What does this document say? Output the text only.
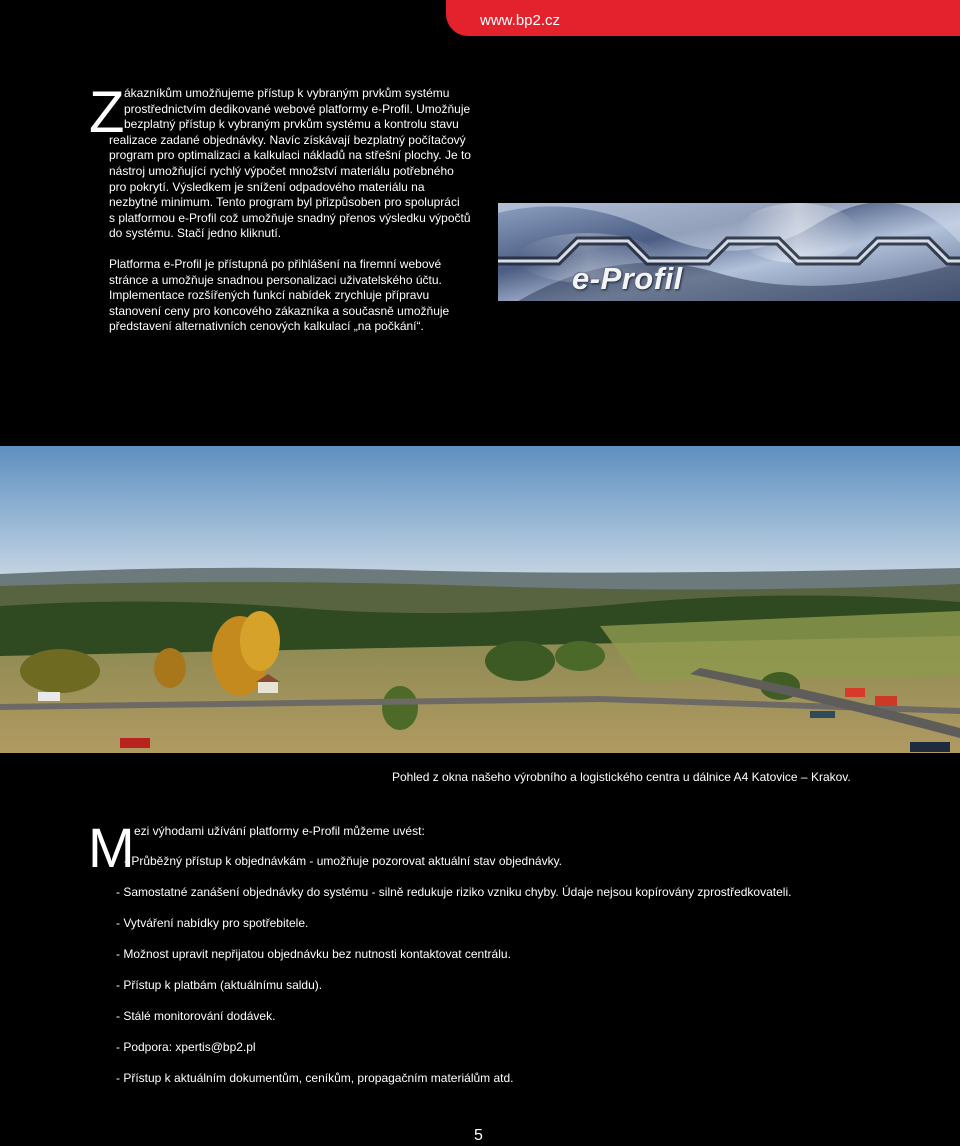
www.bp2.cz
Z ákazníkům umožňujeme přístup k vybraným prvkům systému
prostřednictvím dedikované webové platformy e-Profil. Umožňuje
bezplatný přístup k vybraným prvkům systému a kontrolu stavu
realizace zadané objednávky. Navíc získávají bezplatný počítačový
program pro optimalizaci a kalkulaci nákladů na střešní plochy. Je to
nástroj umožňující rychlý výpočet množství materiálu potřebného
pro pokrytí. Výsledkem je snížení odpadového materiálu na
nezbytné minimum. Tento program byl přizpůsoben pro spolupráci
s platformou e-Profil což umožňuje snadný přenos výsledku výpočtů
do systému. Stačí jedno kliknutí.
Platforma e-Profil je přístupná po přihlášení na firemní webové
stránce a umožňuje snadnou personalizaci uživatelského účtu.
Implementace rozšířených funkcí nabídek zrychluje přípravu
stanovení ceny pro koncového zákazníka a současně umožňuje
představení alternativních cenových kalkulací „na počkání“.
e-Profil
Pohled z okna našeho výrobního a logistického centra u dálnice A4 Katovice – Krakov.
M ezi výhodami užívání platformy e-Profil můžeme uvést:
- Průběžný přístup k objednávkám - umožňuje pozorovat aktuální stav objednávky.
- Samostatné zanášení objednávky do systému - silně redukuje riziko vzniku chyby. Údaje nejsou kopírovány zprostředkovateli.
- Vytváření nabídky pro spotřebitele.
- Možnost upravit nepřijatou objednávku bez nutnosti kontaktovat centrálu.
- Přístup k platbám (aktuálnímu saldu).
- Stálé monitorování dodávek.
- Podpora: xpertis@bp2.pl
- Přístup k aktuálním dokumentům, ceníkům, propagačním materiálům atd.
5
